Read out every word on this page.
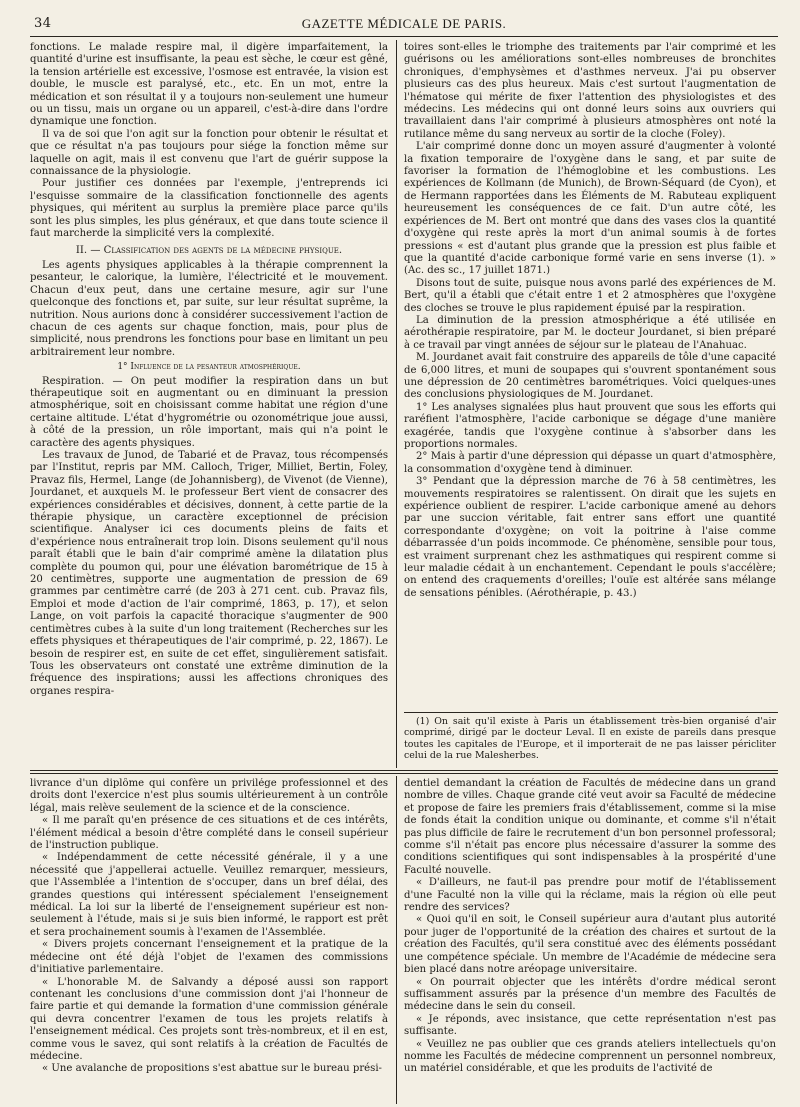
34	GAZETTE MÉDICALE DE PARIS.

fonctions. Le malade respire mal, il digère imparfaitement, la quantité d'urine est insuffisante, la peau est sèche, le cœur est gêné, la tension artérielle est excessive, l'osmose est entravée, la vision est double, le muscle est paralysé, etc., etc. En un mot, entre la médication et son résultat il y a toujours non-seulement une humeur ou un tissu, mais un organe ou un appareil, c'est-à-dire dans l'ordre dynamique une fonction.

Il va de soi que l'on agit sur la fonction pour obtenir le résultat et que ce résultat n'a pas toujours pour siége la fonction même sur laquelle on agit, mais il est convenu que l'art de guérir suppose la connaissance de la physiologie.

Pour justifier ces données par l'exemple, j'entreprends ici l'esquisse sommaire de la classification fonctionnelle des agents physiques, qui méritent au surplus la première place parce qu'ils sont les plus simples, les plus généraux, et que dans toute science il faut marcherde la simplicité vers la complexité.

II. — Classification des agents de la médecine physique.

Les agents physiques applicables à la thérapie comprennent la pesanteur, le calorique, la lumière, l'électricité et le mouvement. Chacun d'eux peut, dans une certaine mesure, agir sur l'une quelconque des fonctions et, par suite, sur leur résultat suprême, la nutrition. Nous aurions donc à considérer successivement l'action de chacun de ces agents sur chaque fonction, mais, pour plus de simplicité, nous prendrons les fonctions pour base en limitant un peu arbitrairement leur nombre.

1° Influence de la pesanteur atmosphérique.

Respiration. — On peut modifier la respiration dans un but thérapeutique soit en augmentant ou en diminuant la pression atmosphérique, soit en choisissant comme habitat une région d'une certaine altitude. L'état d'hygrométrie ou ozonométrique joue aussi, à côté de la pression, un rôle important, mais qui n'a point le caractère des agents physiques.

Les travaux de Junod, de Tabarié et de Pravaz, tous récompensés par l'Institut, repris par MM. Calloch, Triger, Milliet, Bertin, Foley, Pravaz fils, Hermel, Lange (de Johannisberg), de Vivenot (de Vienne), Jourdanet, et auxquels M. le professeur Bert vient de consacrer des expériences considérables et décisives, donnent, à cette partie de la thérapie physique, un caractère exceptionnel de précision scientifique. Analyser ici ces documents pleins de faits et d'expérience nous entraînerait trop loin. Disons seulement qu'il nous paraît établi que le bain d'air comprimé amène la dilatation plus complète du poumon qui, pour une élévation barométrique de 15 à 20 centimètres, supporte une augmentation de pression de 69 grammes par centimètre carré (de 203 à 271 cent. cub. Pravaz fils, Emploi et mode d'action de l'air comprimé, 1863, p. 17), et selon Lange, on voit parfois la capacité thoracique s'augmenter de 900 centimètres cubes à la suite d'un long traitement (Recherches sur les effets physiques et thérapeutiques de l'air comprimé, p. 22, 1867). Le besoin de respirer est, en suite de cet effet, singulièrement satisfait. Tous les observateurs ont constaté une extrême diminution de la fréquence des inspirations; aussi les affections chroniques des organes respira-

toires sont-elles le triomphe des traitements par l'air comprimé et les guérisons ou les améliorations sont-elles nombreuses de bronchites chroniques, d'emphysèmes et d'asthmes nerveux. J'ai pu observer plusieurs cas des plus heureux. Mais c'est surtout l'augmentation de l'hématose qui mérite de fixer l'attention des physiologistes et des médecins. Les médecins qui ont donné leurs soins aux ouvriers qui travaillaient dans l'air comprimé à plusieurs atmosphères ont noté la rutilance même du sang nerveux au sortir de la cloche (Foley).

L'air comprimé donne donc un moyen assuré d'augmenter à volonté la fixation temporaire de l'oxygène dans le sang, et par suite de favoriser la formation de l'hémoglobine et les combustions. Les expériences de Kollmann (de Munich), de Brown-Séquard (de Cyon), et de Hermann rapportées dans les Éléments de M. Rabuteau expliquent heureusement les conséquences de ce fait. D'un autre côté, les expériences de M. Bert ont montré que dans des vases clos la quantité d'oxygène qui reste après la mort d'un animal soumis à de fortes pressions « est d'autant plus grande que la pression est plus faible et que la quantité d'acide carbonique formé varie en sens inverse (1). » (Ac. des sc., 17 juillet 1871.)

Disons tout de suite, puisque nous avons parlé des expériences de M. Bert, qu'il a établi que c'était entre 1 et 2 atmosphères que l'oxygène des cloches se trouve le plus rapidement épuisé par la respiration.

La diminution de la pression atmosphérique a été utilisée en aérothérapie respiratoire, par M. le docteur Jourdanet, si bien préparé à ce travail par vingt années de séjour sur le plateau de l'Anahuac.

M. Jourdanet avait fait construire des appareils de tôle d'une capacité de 6,000 litres, et muni de soupapes qui s'ouvrent spontanément sous une dépression de 20 centimètres barométriques. Voici quelques-unes des conclusions physiologiques de M. Jourdanet.

1° Les analyses signalées plus haut prouvent que sous les efforts qui raréfient l'atmosphère, l'acide carbonique se dégage d'une manière exagérée, tandis que l'oxygène continue à s'absorber dans les proportions normales.

2° Mais à partir d'une dépression qui dépasse un quart d'atmosphère, la consommation d'oxygène tend à diminuer.

3° Pendant que la dépression marche de 76 à 58 centimètres, les mouvements respiratoires se ralentissent. On dirait que les sujets en expérience oublient de respirer. L'acide carbonique amené au dehors par une succion véritable, fait entrer sans effort une quantité correspondante d'oxygène; on voit la poitrine à l'aise comme débarrassée d'un poids incommode. Ce phénomène, sensible pour tous, est vraiment surprenant chez les asthmatiques qui respirent comme si leur maladie cédait à un enchantement. Cependant le pouls s'accélère; on entend des craquements d'oreilles; l'ouïe est altérée sans mélange de sensations pénibles. (Aérothérapie, p. 43.)

(1) On sait qu'il existe à Paris un établissement très-bien organisé d'air comprimé, dirigé par le docteur Leval. Il en existe de pareils dans presque toutes les capitales de l'Europe, et il importerait de ne pas laisser péricliter celui de la rue Malesherbes.

livrance d'un diplôme qui confère un privilége professionnel et des droits dont l'exercice n'est plus soumis ultérieurement à un contrôle légal, mais relève seulement de la science et de la conscience.

« Il me paraît qu'en présence de ces situations et de ces intérêts, l'élément médical a besoin d'être complété dans le conseil supérieur de l'instruction publique.

« Indépendamment de cette nécessité générale, il y a une nécessité que j'appellerai actuelle. Veuillez remarquer, messieurs, que l'Assemblée a l'intention de s'occuper, dans un bref délai, des grandes questions qui intéressent spécialement l'enseignement médical. La loi sur la liberté de l'enseignement supérieur est non-seulement à l'étude, mais si je suis bien informé, le rapport est prêt et sera prochainement soumis à l'examen de l'Assemblée.

« Divers projets concernant l'enseignement et la pratique de la médecine ont été déjà l'objet de l'examen des commissions d'initiative parlementaire.

« L'honorable M. de Salvandy a déposé aussi son rapport contenant les conclusions d'une commission dont j'ai l'honneur de faire partie et qui demande la formation d'une commission générale qui devra concentrer l'examen de tous les projets relatifs à l'enseignement médical. Ces projets sont très-nombreux, et il en est, comme vous le savez, qui sont relatifs à la création de Facultés de médecine.

« Une avalanche de propositions s'est abattue sur le bureau prési-

dentiel demandant la création de Facultés de médecine dans un grand nombre de villes. Chaque grande cité veut avoir sa Faculté de médecine et propose de faire les premiers frais d'établissement, comme si la mise de fonds était la condition unique ou dominante, et comme s'il n'était pas plus difficile de faire le recrutement d'un bon personnel professoral; comme s'il n'était pas encore plus nécessaire d'assurer la somme des conditions scientifiques qui sont indispensables à la prospérité d'une Faculté nouvelle.

« D'ailleurs, ne faut-il pas prendre pour motif de l'établissement d'une Faculté non la ville qui la réclame, mais la région où elle peut rendre des services?

« Quoi qu'il en soit, le Conseil supérieur aura d'autant plus autorité pour juger de l'opportunité de la création des chaires et surtout de la création des Facultés, qu'il sera constitué avec des éléments possédant une compétence spéciale. Un membre de l'Académie de médecine sera bien placé dans notre aréopage universitaire.

« On pourrait objecter que les intérêts d'ordre médical seront suffisamment assurés par la présence d'un membre des Facultés de médecine dans le sein du conseil.

« Je réponds, avec insistance, que cette représentation n'est pas suffisante.

« Veuillez ne pas oublier que ces grands ateliers intellectuels qu'on nomme les Facultés de médecine comprennent un personnel nombreux, un matériel considérable, et que les produits de l'activité de
